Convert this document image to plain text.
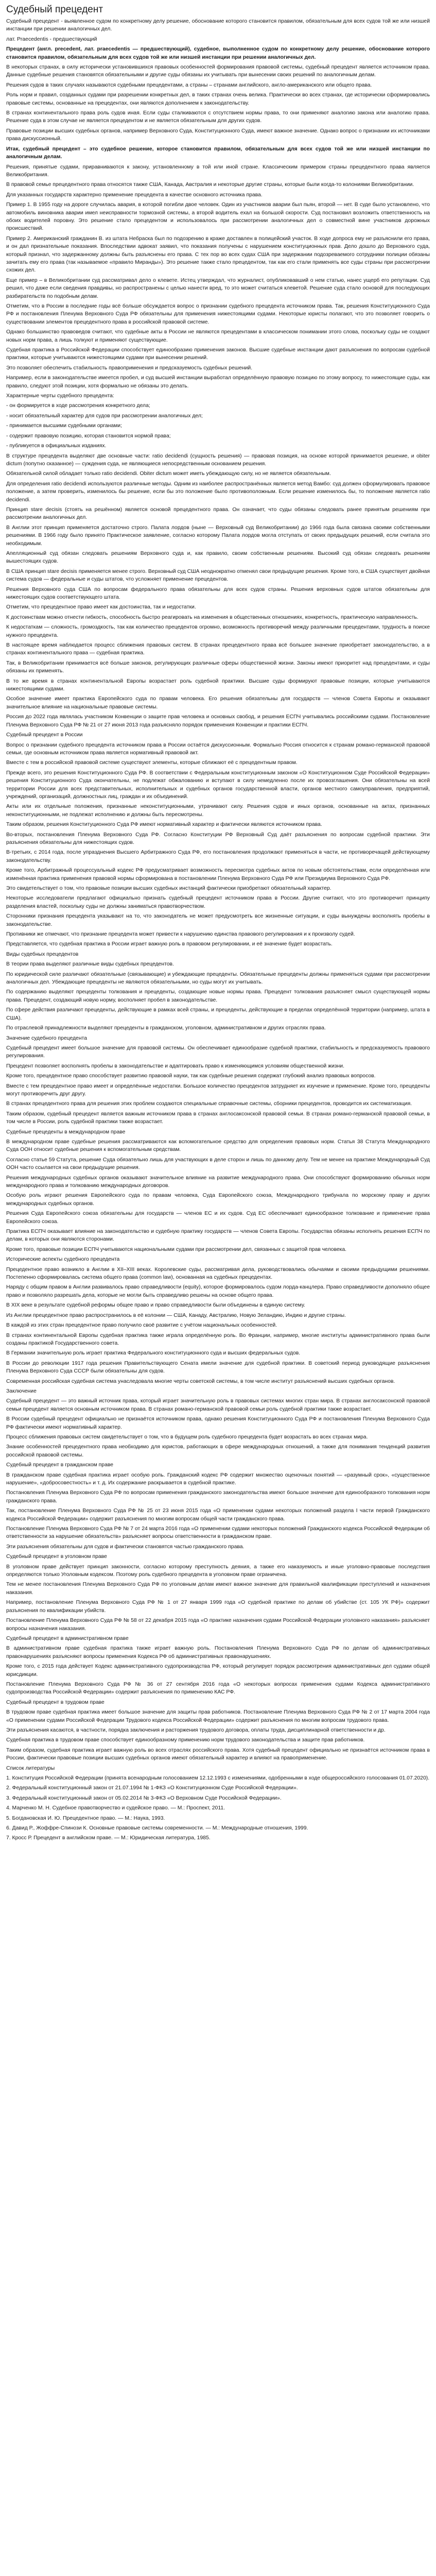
Судебный прецедент

Судебный прецедент - выявленное судом по конкретному делу решение, обоснование которого становится правилом, обязательным для всех судов той же или низшей инстанции при решении аналогичных дел.

лат. Praecedentis - предшествующий

Прецедент (англ. precedent, лат. praecedentis — предшествующий), судебное, выполненное судом по конкретному делу решение, обоснование которого становится правилом, обязательным для всех судов той же или низшей инстанции при решении аналогичных дел.

В некоторых странах, в силу исторически установившихся правовых особенностей формирования правовой системы, судебный прецедент является источником права. Данные судебные решения становятся обязательными и другие суды обязаны их учитывать при вынесении своих решений по аналогичным делам.

Решения судов в таких случаях называются судебными прецедентами, а страны – странами английского, англо-американского или общего права.

Роль норм и правил, созданных судами при разрешении конкретных дел, в таких странах очень велика. Практически во всех странах, где исторически сформировались правовые системы, основанные на прецедентах, они являются дополнением к законодательству.

В странах континентального права роль судов иная. Если суды сталкиваются с отсутствием нормы права, то они применяют аналогию закона или аналогию права. Решение суда в этом случае не является прецедентом и не является обязательным для других судов.

Правовые позиции высших судебных органов, например Верховного Суда, Конституционного Суда, имеют важное значение. Однако вопрос о признании их источниками права дискуссионный.

Итак, судебный прецедент – это судебное решение, которое становится правилом, обязательным для всех судов той же или низшей инстанции по аналогичным делам.

Решения, принятые судами, приравниваются к закону, установленному в той или иной стране. Классическим примером страны прецедентного права является Великобритания.

В правовой семье прецедентного права относятся также США, Канада, Австралия и некоторые другие страны, которые были когда-то колониями Великобритании.

Для указанных государств характерно применение прецедента в качестве основного источника права.

Пример 1. В 1955 году на дороге случилась авария, в которой погибли двое человек. Один из участников аварии был пьян, второй — нет. В суде было установлено, что автомобиль виновника аварии имел неисправности тормозной системы, а второй водитель ехал на большой скорости. Суд постановил возложить ответственность на обоих водителей поровну. Это решение стало прецедентом и использовалось при рассмотрении аналогичных дел о совместной вине участников дорожных происшествий.

Пример 2. Американский гражданин В. из штата Небраска был по подозрению в краже доставлен в полицейский участок. В ходе допроса ему не разъяснили его права, и он дал признательные показания. Впоследствии адвокат заявил, что показания получены с нарушением конституционных прав. Дело дошло до Верховного суда, который признал, что задержанному должны быть разъяснены его права. С тех пор во всех судах США при задержании подозреваемого сотрудники полиции обязаны зачитать ему его права (так называемое «правило Миранды»). Это решение также стало прецедентом, так как его стали применять все суды страны при рассмотрении схожих дел.

Еще пример – в Великобритании суд рассматривал дело о клевете. Истец утверждал, что журналист, опубликовавший о нем статью, нанес ущерб его репутации. Суд решил, что даже если сведения правдивы, но распространены с целью нанести вред, то это может считаться клеветой. Решение суда стало основой для последующих разбирательств по подобным делам.

Отметим, что в России в последние годы всё больше обсуждается вопрос о признании судебного прецедента источником права. Так, решения Конституционного Суда РФ и постановления Пленума Верховного Суда РФ обязательны для применения нижестоящими судами. Некоторые юристы полагают, что это позволяет говорить о существовании элементов прецедентного права в российской правовой системе.

Однако большинство правоведов считают, что судебные акты в России не являются прецедентами в классическом понимании этого слова, поскольку суды не создают новых норм права, а лишь толкуют и применяют существующие.

Судебная практика в Российской Федерации способствует единообразию применения законов. Высшие судебные инстанции дают разъяснения по вопросам судебной практики, которые учитываются нижестоящими судами при вынесении решений.

Это позволяет обеспечить стабильность правоприменения и предсказуемость судебных решений.

Например, если в законодательстве имеется пробел, и суд высшей инстанции выработал определённую правовую позицию по этому вопросу, то нижестоящие суды, как правило, следуют этой позиции, хотя формально не обязаны это делать.

Характерные черты судебного прецедента:

- он формируется в ходе рассмотрения конкретного дела;

- носит обязательный характер для судов при рассмотрении аналогичных дел;

- принимается высшими судебными органами;

- содержит правовую позицию, которая становится нормой права;

- публикуется в официальных изданиях.

В структуре прецедента выделяют две основные части: ratio decidendi (сущность решения) — правовая позиция, на основе которой принимается решение, и obiter dictum (попутно сказанное) — суждения суда, не являющиеся непосредственным основанием решения.

Обязательной силой обладает только ratio decidendi. Obiter dictum может иметь убеждающую силу, но не является обязательным.

Для определения ratio decidendi используются различные методы. Одним из наиболее распространённых является метод Вамбо: суд должен сформулировать правовое положение, а затем проверить, изменилось бы решение, если бы это положение было противоположным. Если решение изменилось бы, то положение является ratio decidendi.

Принцип stare decisis (стоять на решённом) является основой прецедентного права. Он означает, что суды обязаны следовать ранее принятым решениям при рассмотрении аналогичных дел.

В Англии этот принцип применяется достаточно строго. Палата лордов (ныне — Верховный суд Великобритании) до 1966 года была связана своими собственными решениями. В 1966 году было принято Практическое заявление, согласно которому Палата лордов могла отступать от своих предыдущих решений, если считала это необходимым.

Апелляционный суд обязан следовать решениям Верховного суда и, как правило, своим собственным решениям. Высокий суд обязан следовать решениям вышестоящих судов.

В США принцип stare decisis применяется менее строго. Верховный суд США неоднократно отменял свои предыдущие решения. Кроме того, в США существует двойная система судов — федеральные и суды штатов, что усложняет применение прецедентов.

Решения Верховного суда США по вопросам федерального права обязательны для всех судов страны. Решения верховных судов штатов обязательны для нижестоящих судов соответствующего штата.

Отметим, что прецедентное право имеет как достоинства, так и недостатки.

К достоинствам можно отнести гибкость, способность быстро реагировать на изменения в общественных отношениях, конкретность, практическую направленность.

К недостаткам — сложность, громоздкость, так как количество прецедентов огромно, возможность противоречий между различными прецедентами, трудность в поиске нужного прецедента.

В настоящее время наблюдается процесс сближения правовых систем. В странах прецедентного права всё большее значение приобретает законодательство, а в странах континентального права — судебная практика.

Так, в Великобритании принимается всё больше законов, регулирующих различные сферы общественной жизни. Законы имеют приоритет над прецедентами, и суды обязаны их применять.

В то же время в странах континентальной Европы возрастает роль судебной практики. Высшие суды формируют правовые позиции, которые учитываются нижестоящими судами.

Особое значение имеет практика Европейского суда по правам человека. Его решения обязательны для государств — членов Совета Европы и оказывают значительное влияние на национальные правовые системы.

Россия до 2022 года являлась участником Конвенции о защите прав человека и основных свобод, и решения ЕСПЧ учитывались российскими судами. Постановление Пленума Верховного Суда РФ № 21 от 27 июня 2013 года разъясняло порядок применения Конвенции и практики ЕСПЧ.

Судебный прецедент в России

Вопрос о признании судебного прецедента источником права в России остаётся дискуссионным. Формально Россия относится к странам романо-германской правовой семьи, где основным источником права является нормативный правовой акт.

Вместе с тем в российской правовой системе существуют элементы, которые сближают её с прецедентным правом.

Прежде всего, это решения Конституционного Суда РФ. В соответствии с Федеральным конституционным законом «О Конституционном Суде Российской Федерации» решения Конституционного Суда окончательны, не подлежат обжалованию и вступают в силу немедленно после их провозглашения. Они обязательны на всей территории России для всех представительных, исполнительных и судебных органов государственной власти, органов местного самоуправления, предприятий, учреждений, организаций, должностных лиц, граждан и их объединений.

Акты или их отдельные положения, признанные неконституционными, утрачивают силу. Решения судов и иных органов, основанные на актах, признанных неконституционными, не подлежат исполнению и должны быть пересмотрены.

Таким образом, решения Конституционного Суда РФ имеют нормативный характер и фактически являются источником права.

Во-вторых, постановления Пленума Верховного Суда РФ. Согласно Конституции РФ Верховный Суд даёт разъяснения по вопросам судебной практики. Эти разъяснения обязательны для нижестоящих судов.

В-третьих, с 2014 года, после упразднения Высшего Арбитражного Суда РФ, его постановления продолжают применяться в части, не противоречащей действующему законодательству.

Кроме того, Арбитражный процессуальный кодекс РФ предусматривает возможность пересмотра судебных актов по новым обстоятельствам, если определённая или изменённая практика применения правовой нормы сформирована в постановлении Пленума Верховного Суда РФ или Президиума Верховного Суда РФ.

Это свидетельствует о том, что правовые позиции высших судебных инстанций фактически приобретают обязательный характер.

Некоторые исследователи предлагают официально признать судебный прецедент источником права в России. Другие считают, что это противоречит принципу разделения властей, поскольку суды не должны заниматься правотворчеством.

Сторонники признания прецедента указывают на то, что законодатель не может предусмотреть все жизненные ситуации, и суды вынуждены восполнять пробелы в законодательстве.

Противники же отмечают, что признание прецедента может привести к нарушению единства правового регулирования и к произволу судей.

Представляется, что судебная практика в России играет важную роль в правовом регулировании, и её значение будет возрастать.

Виды судебных прецедентов

В теории права выделяют различные виды судебных прецедентов.

По юридической силе различают обязательные (связывающие) и убеждающие прецеденты. Обязательные прецеденты должны применяться судами при рассмотрении аналогичных дел. Убеждающие прецеденты не являются обязательными, но суды могут их учитывать.

По содержанию выделяют прецеденты толкования и прецеденты, создающие новые нормы права. Прецедент толкования разъясняет смысл существующей нормы права. Прецедент, создающий новую норму, восполняет пробел в законодательстве.

По сфере действия различают прецеденты, действующие в рамках всей страны, и прецеденты, действующие в пределах определённой территории (например, штата в США).

По отраслевой принадлежности выделяют прецеденты в гражданском, уголовном, административном и других отраслях права.

Значение судебного прецедента

Судебный прецедент имеет большое значение для правовой системы. Он обеспечивает единообразие судебной практики, стабильность и предсказуемость правового регулирования.

Прецедент позволяет восполнять пробелы в законодательстве и адаптировать право к изменяющимся условиям общественной жизни.

Кроме того, прецедентное право способствует развитию правовой науки, так как судебные решения содержат глубокий анализ правовых вопросов.

Вместе с тем прецедентное право имеет и определённые недостатки. Большое количество прецедентов затрудняет их изучение и применение. Кроме того, прецеденты могут противоречить друг другу.

В странах прецедентного права для решения этих проблем создаются специальные справочные системы, сборники прецедентов, проводится их систематизация.

Таким образом, судебный прецедент является важным источником права в странах англосаксонской правовой семьи. В странах романо-германской правовой семьи, в том числе в России, роль судебной практики также возрастает.

Судебные прецеденты в международном праве

В международном праве судебные решения рассматриваются как вспомогательное средство для определения правовых норм. Статья 38 Статута Международного Суда ООН относит судебные решения к вспомогательным средствам.

Согласно статье 59 Статута, решение Суда обязательно лишь для участвующих в деле сторон и лишь по данному делу. Тем не менее на практике Международный Суд ООН часто ссылается на свои предыдущие решения.

Решения международных судебных органов оказывают значительное влияние на развитие международного права. Они способствуют формированию обычных норм международного права и толкованию международных договоров.

Особую роль играют решения Европейского суда по правам человека, Суда Европейского союза, Международного трибунала по морскому праву и других международных судебных органов.

Решения Суда Европейского союза обязательны для государств — членов ЕС и их судов. Суд ЕС обеспечивает единообразное толкование и применение права Европейского союза.

Практика ЕСПЧ оказывает влияние на законодательство и судебную практику государств — членов Совета Европы. Государства обязаны исполнять решения ЕСПЧ по делам, в которых они являются сторонами.

Кроме того, правовые позиции ЕСПЧ учитываются национальными судами при рассмотрении дел, связанных с защитой прав человека.

Исторические аспекты судебного прецедента

Прецедентное право возникло в Англии в XII–XIII веках. Королевские суды, рассматривая дела, руководствовались обычаями и своими предыдущими решениями. Постепенно сформировалась система общего права (common law), основанная на судебных прецедентах.

Наряду с общим правом в Англии развивалось право справедливости (equity), которое формировалось судом лорда-канцлера. Право справедливости дополняло общее право и позволяло разрешать дела, которые не могли быть справедливо решены на основе общего права.

В XIX веке в результате судебной реформы общее право и право справедливости были объединены в единую систему.

Из Англии прецедентное право распространилось в её колонии — США, Канаду, Австралию, Новую Зеландию, Индию и другие страны.

В каждой из этих стран прецедентное право получило своё развитие с учётом национальных особенностей.

В странах континентальной Европы судебная практика также играла определённую роль. Во Франции, например, многие институты административного права были созданы практикой Государственного совета.

В Германии значительную роль играет практика Федерального конституционного суда и высших федеральных судов.

В России до революции 1917 года решения Правительствующего Сената имели значение для судебной практики. В советский период руководящие разъяснения Пленума Верховного Суда СССР были обязательны для судов.

Современная российская судебная система унаследовала многие черты советской системы, в том числе институт разъяснений высших судебных органов.

Заключение

Судебный прецедент — это важный источник права, который играет значительную роль в правовых системах многих стран мира. В странах англосаксонской правовой семьи прецедент является основным источником права. В странах романо-германской правовой семьи роль судебной практики также возрастает.

В России судебный прецедент официально не признаётся источником права, однако решения Конституционного Суда РФ и постановления Пленума Верховного Суда РФ фактически имеют нормативный характер.

Процесс сближения правовых систем свидетельствует о том, что в будущем роль судебного прецедента будет возрастать во всех странах мира.

Знание особенностей прецедентного права необходимо для юристов, работающих в сфере международных отношений, а также для понимания тенденций развития российской правовой системы.

Судебный прецедент в гражданском праве

В гражданском праве судебная практика играет особую роль. Гражданский кодекс РФ содержит множество оценочных понятий — «разумный срок», «существенное нарушение», «добросовестность» и т. д. Их содержание раскрывается в судебной практике.

Постановления Пленума Верховного Суда РФ по вопросам применения гражданского законодательства имеют большое значение для единообразного толкования норм гражданского права.

Так, постановление Пленума Верховного Суда РФ № 25 от 23 июня 2015 года «О применении судами некоторых положений раздела I части первой Гражданского кодекса Российской Федерации» содержит разъяснения по многим вопросам общей части гражданского права.

Постановление Пленума Верховного Суда РФ № 7 от 24 марта 2016 года «О применении судами некоторых положений Гражданского кодекса Российской Федерации об ответственности за нарушение обязательств» разъясняет вопросы ответственности в гражданском праве.

Эти разъяснения обязательны для судов и фактически становятся частью гражданского права.

Судебный прецедент в уголовном праве

В уголовном праве действует принцип законности, согласно которому преступность деяния, а также его наказуемость и иные уголовно-правовые последствия определяются только Уголовным кодексом. Поэтому роль судебного прецедента в уголовном праве ограничена.

Тем не менее постановления Пленума Верховного Суда РФ по уголовным делам имеют важное значение для правильной квалификации преступлений и назначения наказания.

Например, постановление Пленума Верховного Суда РФ № 1 от 27 января 1999 года «О судебной практике по делам об убийстве (ст. 105 УК РФ)» содержит разъяснения по квалификации убийств.

Постановление Пленума Верховного Суда РФ № 58 от 22 декабря 2015 года «О практике назначения судами Российской Федерации уголовного наказания» разъясняет вопросы назначения наказания.

Судебный прецедент в административном праве

В административном праве судебная практика также играет важную роль. Постановления Пленума Верховного Суда РФ по делам об административных правонарушениях разъясняют вопросы применения Кодекса РФ об административных правонарушениях.

Кроме того, с 2015 года действует Кодекс административного судопроизводства РФ, который регулирует порядок рассмотрения административных дел судами общей юрисдикции.

Постановление Пленума Верховного Суда РФ № 36 от 27 сентября 2016 года «О некоторых вопросах применения судами Кодекса административного судопроизводства Российской Федерации» содержит разъяснения по применению КАС РФ.

Судебный прецедент в трудовом праве

В трудовом праве судебная практика имеет большое значение для защиты прав работников. Постановление Пленума Верховного Суда РФ № 2 от 17 марта 2004 года «О применении судами Российской Федерации Трудового кодекса Российской Федерации» содержит разъяснения по многим вопросам трудового права.

Эти разъяснения касаются, в частности, порядка заключения и расторжения трудового договора, оплаты труда, дисциплинарной ответственности и др.

Судебная практика в трудовом праве способствует единообразному применению норм трудового законодательства и защите прав работников.

Таким образом, судебная практика играет важную роль во всех отраслях российского права. Хотя судебный прецедент официально не признаётся источником права в России, фактически правовые позиции высших судебных органов имеют обязательный характер и влияют на правоприменение.

Список литературы

1. Конституция Российской Федерации (принята всенародным голосованием 12.12.1993 с изменениями, одобренными в ходе общероссийского голосования 01.07.2020).

2. Федеральный конституционный закон от 21.07.1994 № 1-ФКЗ «О Конституционном Суде Российской Федерации».

3. Федеральный конституционный закон от 05.02.2014 № 3-ФКЗ «О Верховном Суде Российской Федерации».

4. Марченко М. Н. Судебное правотворчество и судейское право. — М.: Проспект, 2011.

5. Богдановская И. Ю. Прецедентное право. — М.: Наука, 1993.

6. Давид Р., Жоффре-Спинози К. Основные правовые системы современности. — М.: Международные отношения, 1999.

7. Кросс Р. Прецедент в английском праве. — М.: Юридическая литература, 1985.
